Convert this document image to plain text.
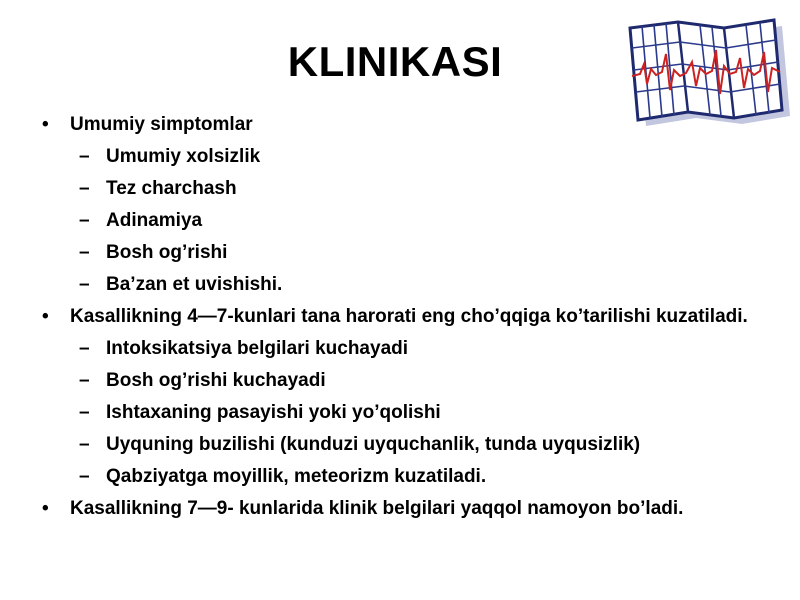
KLINIKASI
• Umumiy simptomlar
– Umumiy xolsizlik
– Tez charchash
– Adinamiya
– Bosh og’rishi
– Ba’zan et uvishishi.
• Kasallikning 4—7-kunlari tana harorati eng cho’qqiga ko’tarilishi kuzatiladi.
– Intoksikatsiya belgilari kuchayadi
– Bosh og’rishi kuchayadi
– Ishtaxaning pasayishi yoki yo’qolishi
– Uyquning buzilishi (kunduzi uyquchanlik, tunda uyqusizlik)
– Qabziyatga moyillik, meteorizm kuzatiladi.
• Kasallikning 7—9- kunlarida klinik belgilari yaqqol namoyon bo’ladi.
